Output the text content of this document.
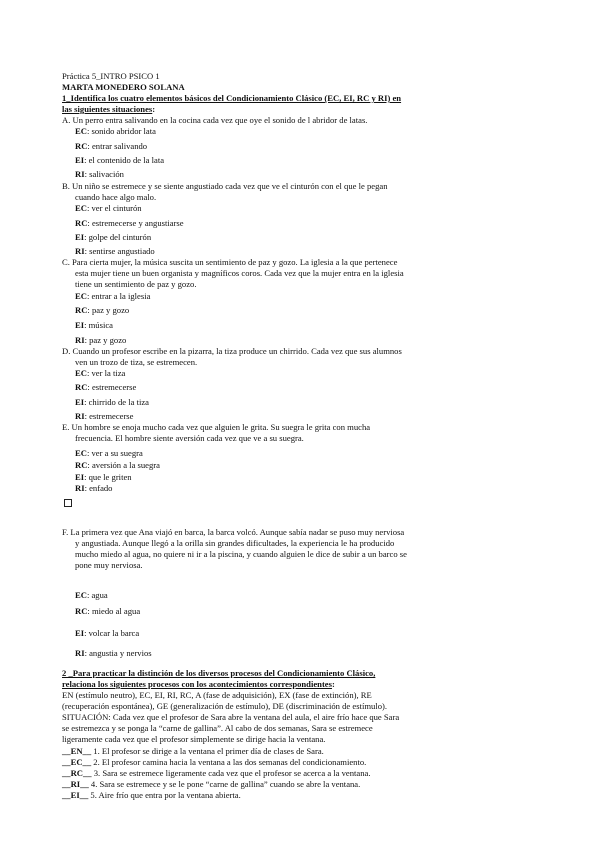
Práctica 5_INTRO PSICO 1
MARTA MONEDERO SOLANA
1_Identifica los cuatro elementos básicos del Condicionamiento Clásico (EC, EI, RC y RI) en
las siguientes situaciones:
A. Un perro entra salivando en la cocina cada vez que oye el sonido de l abridor de latas.
EC: sonido abridor lata
RC: entrar salivando
EI: el contenido de la lata
RI: salivación
B. Un niño se estremece y se siente angustiado cada vez que ve el cinturón con el que le pegan
cuando hace algo malo.
EC: ver el cinturón
RC: estremecerse y angustiarse
EI: golpe del cinturón
RI: sentirse angustiado
C. Para cierta mujer, la música suscita un sentimiento de paz y gozo. La iglesia a la que pertenece
esta mujer tiene un buen organista y magníficos coros. Cada vez que la mujer entra en la iglesia
tiene un sentimiento de paz y gozo.
EC: entrar a la iglesia
RC: paz y gozo
EI: música
RI: paz y gozo
D. Cuando un profesor escribe en la pizarra, la tiza produce un chirrido. Cada vez que sus alumnos
ven un trozo de tiza, se estremecen.
EC: ver la tiza
RC: estremecerse
EI: chirrido de la tiza
RI: estremecerse
E. Un hombre se enoja mucho cada vez que alguien le grita. Su suegra le grita con mucha
frecuencia. El hombre siente aversión cada vez que ve a su suegra.
EC: ver a su suegra
RC: aversión a la suegra
EI: que le griten
RI: enfado
F. La primera vez que Ana viajó en barca, la barca volcó. Aunque sabía nadar se puso muy nerviosa
y angustiada. Aunque llegó a la orilla sin grandes dificultades, la experiencia le ha producido
mucho miedo al agua, no quiere ni ir a la piscina, y cuando alguien le dice de subir a un barco se
pone muy nerviosa.
EC: agua
RC: miedo al agua
EI: volcar la barca
RI: angustia y nervios
2 _Para practicar la distinción de los diversos procesos del Condicionamiento Clásico,
relaciona los siguientes procesos con los acontecimientos correspondientes:
EN (estímulo neutro), EC, EI, RI, RC, A (fase de adquisición), EX (fase de extinción), RE
(recuperación espontánea), GE (generalización de estímulo), DE (discriminación de estímulo).
SITUACIÓN: Cada vez que el profesor de Sara abre la ventana del aula, el aire frío hace que Sara
se estremezca y se ponga la “carne de gallina”. Al cabo de dos semanas, Sara se estremece
ligeramente cada vez que el profesor simplemente se dirige hacia la ventana.
__EN__ 1. El profesor se dirige a la ventana el primer día de clases de Sara.
__EC__ 2. El profesor camina hacia la ventana a las dos semanas del condicionamiento.
__RC__ 3. Sara se estremece ligeramente cada vez que el profesor se acerca a la ventana.
__RI__ 4. Sara se estremece y se le pone “carne de gallina” cuando se abre la ventana.
__EI__ 5. Aire frío que entra por la ventana abierta.
